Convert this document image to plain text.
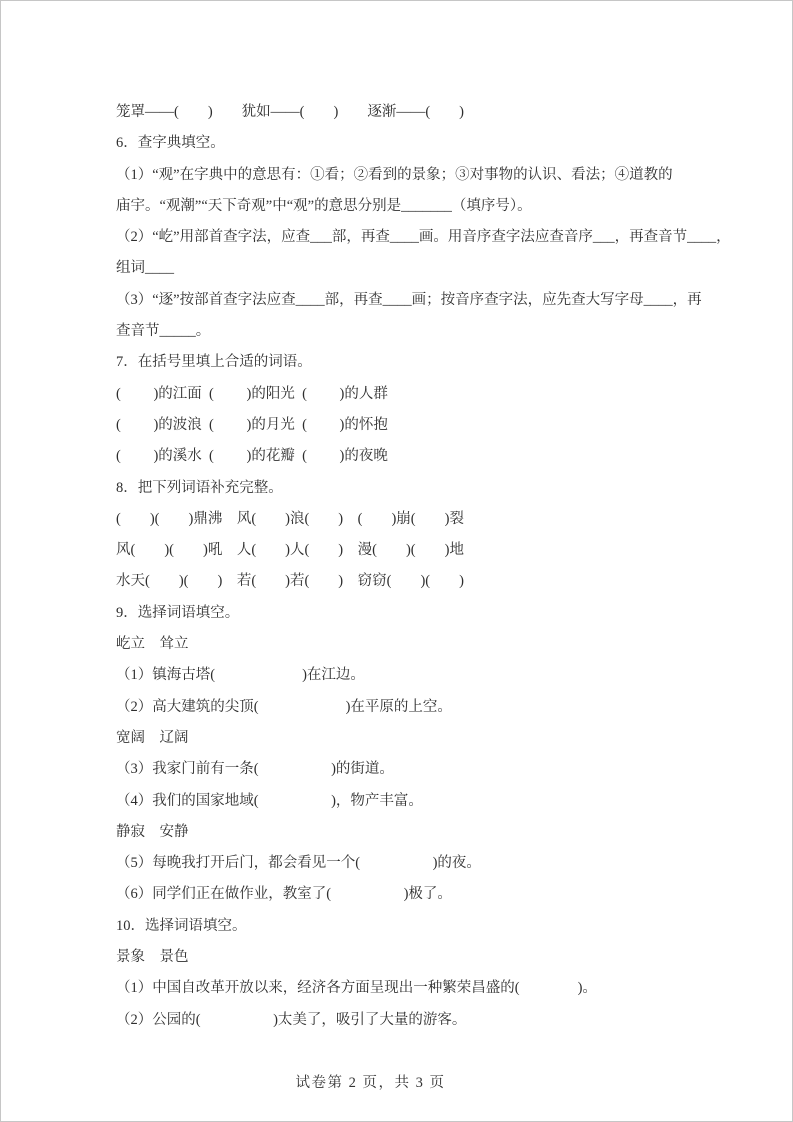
笼罩——(　　)　　犹如——(　　)　　逐渐——(　　)

6．查字典填空。

（1）“观”在字典中的意思有：①看；②看到的景象；③对事物的认识、看法；④道教的

庙宇。“观潮”“天下奇观”中“观”的意思分别是_______（填序号）。

（2）“屹”用部首查字法，应查___部，再查____画。用音序查字法应查音序___，再查音节____，

组词____

（3）“逐”按部首查字法应查____部，再查____画；按音序查字法，应先查大写字母____，再

查音节_____。

7．在括号里填上合适的词语。

(　　 )的江面  (　　 )的阳光  (　　 )的人群

(　　 )的波浪  (　　 )的月光  (　　 )的怀抱

(　　 )的溪水  (　　 )的花瓣  (　　 )的夜晚

8．把下列词语补充完整。

(　　)(　　)鼎沸　风(　　)浪(　　)　(　　)崩(　　)裂

风(　　)(　　)吼　人(　　)人(　　)　漫(　　)(　　)地

水天(　　)(　　)　若(　　)若(　　)　窃窃(　　)(　　)

9．选择词语填空。

屹立　耸立

（1）镇海古塔(　　　　　　)在江边。

（2）高大建筑的尖顶(　　　　　　)在平原的上空。

宽阔　辽阔

（3）我家门前有一条(　　　　　)的街道。

（4）我们的国家地域(　　　　　)，物产丰富。

静寂　安静

（5）每晚我打开后门，都会看见一个(　　　　　)的夜。

（6）同学们正在做作业，教室了(　　　　　)极了。

10．选择词语填空。

景象　景色

（1）中国自改革开放以来，经济各方面呈现出一种繁荣昌盛的(　　　　)。

（2）公园的(　　　　　)太美了，吸引了大量的游客。

试卷第 2 页，共 3 页
